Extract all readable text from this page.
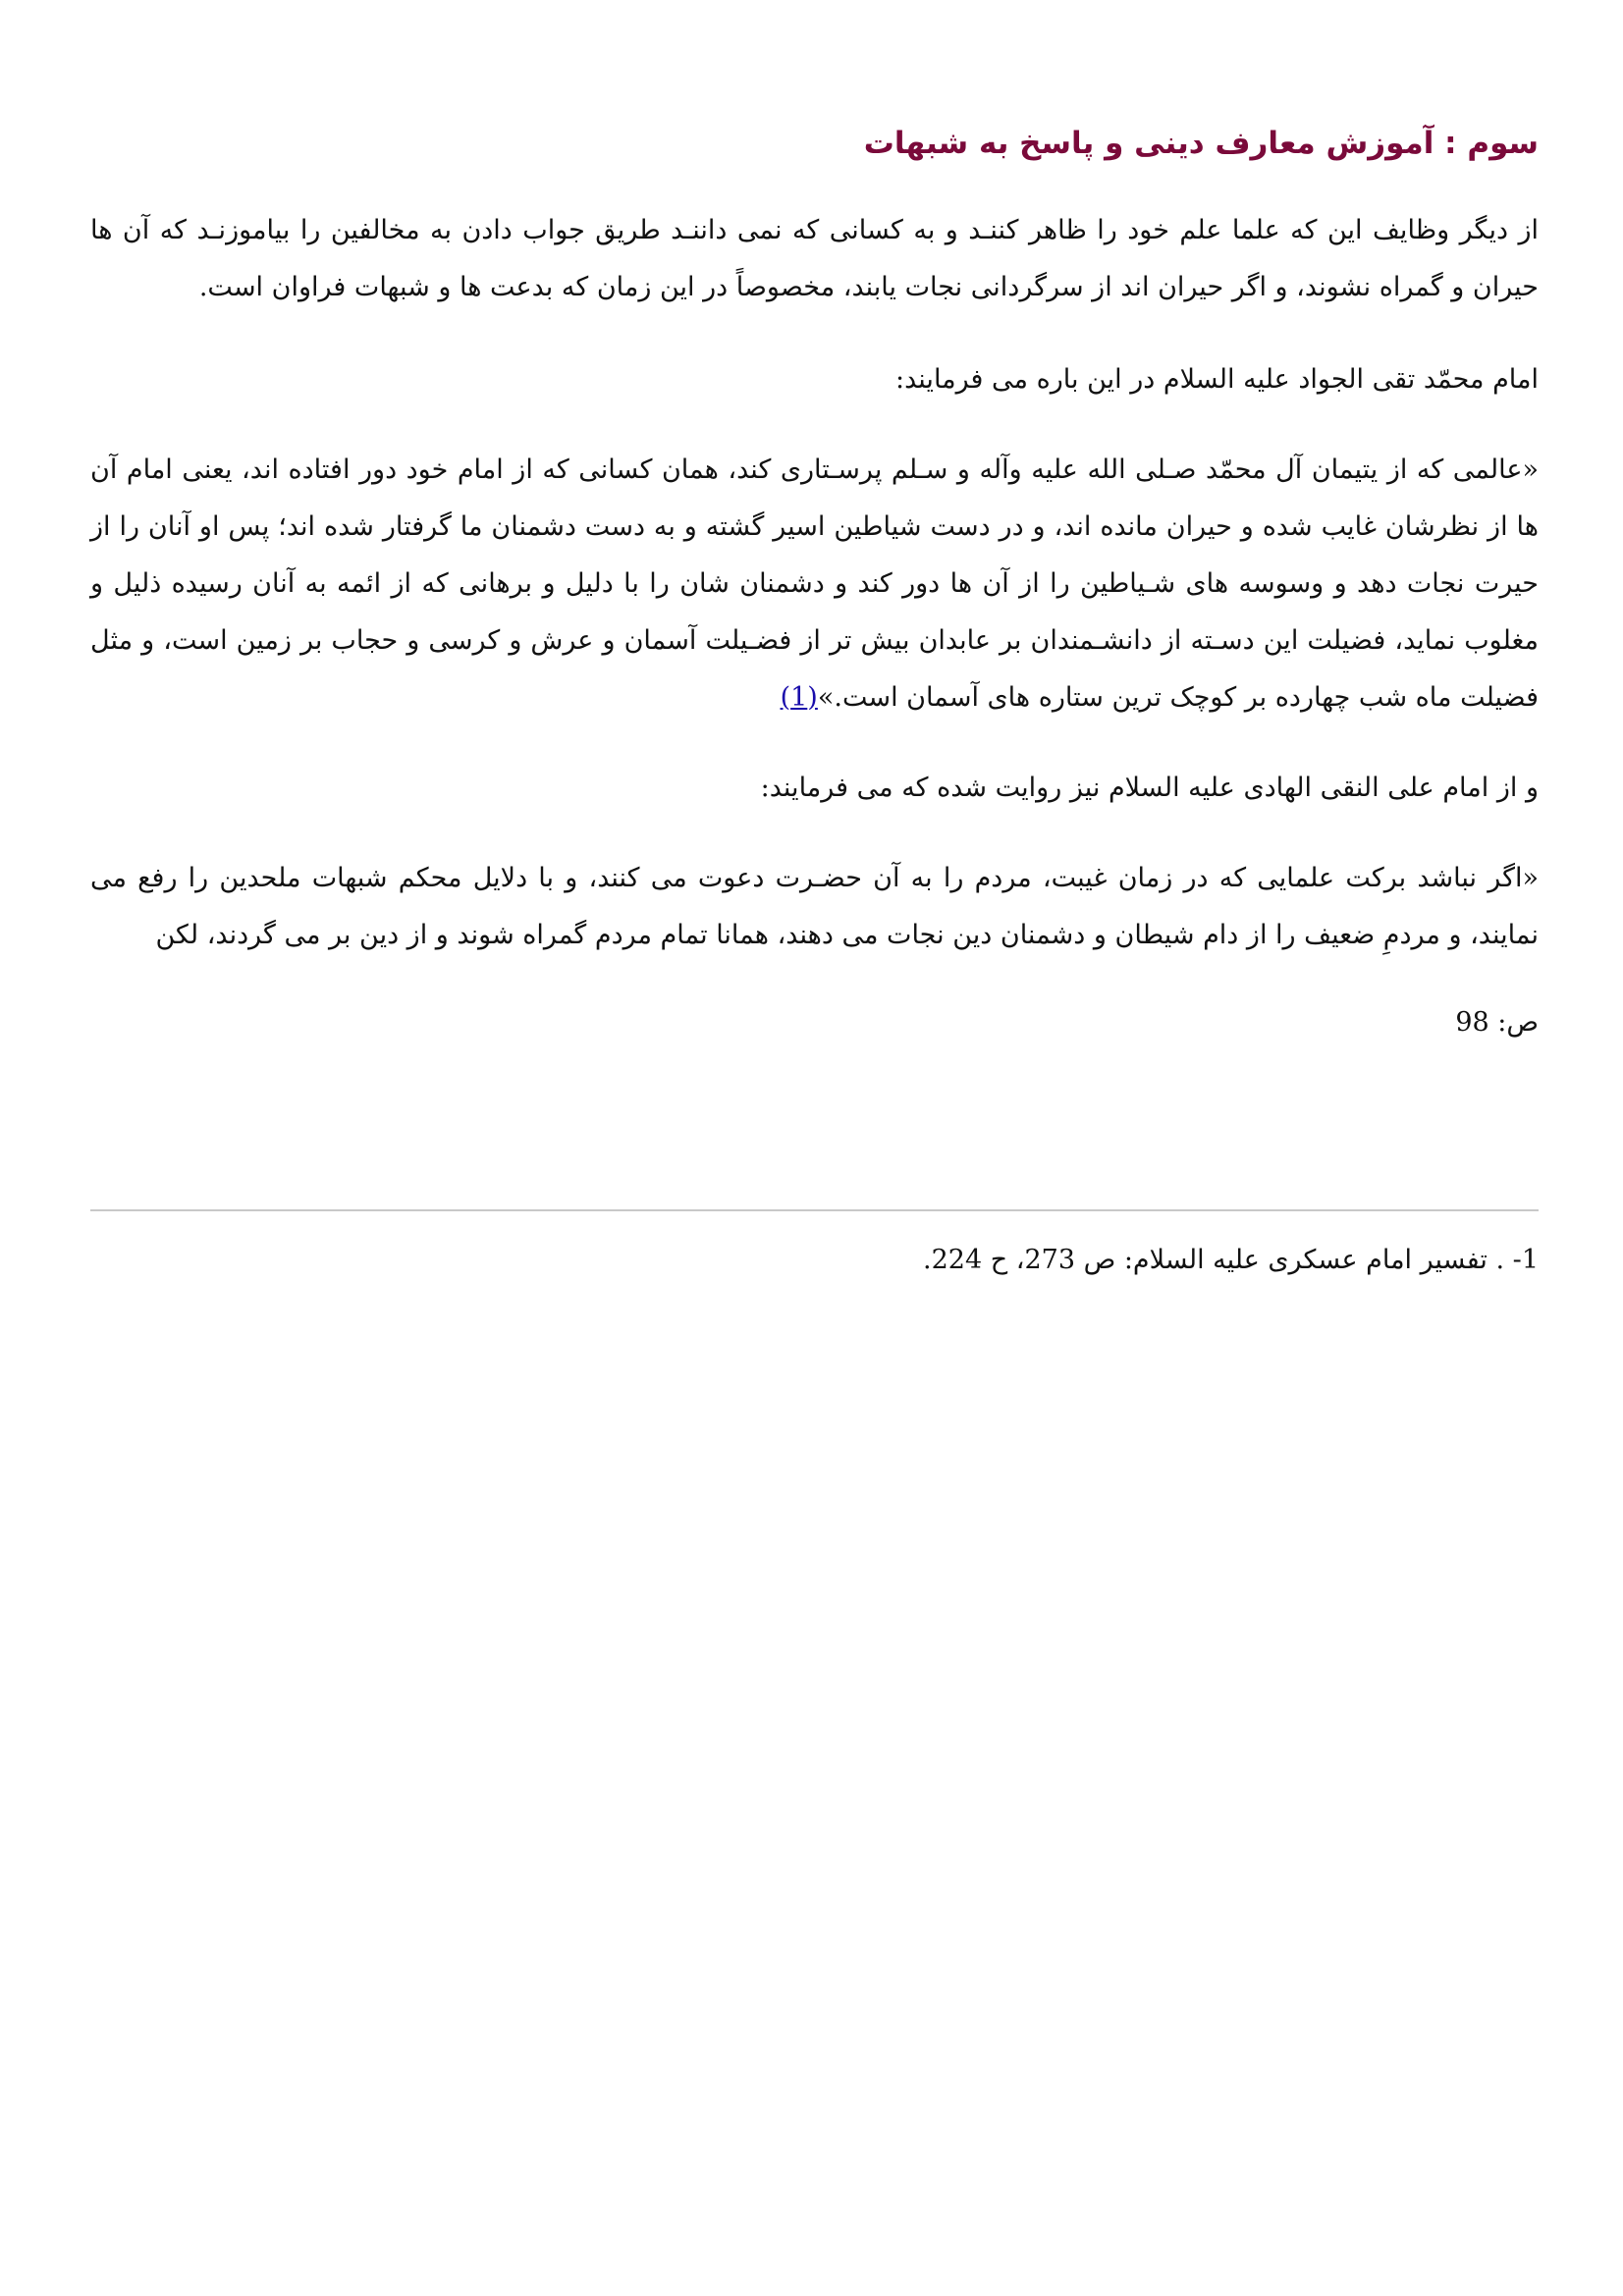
سوم : آموزش معارف دینی و پاسخ به شبهات

از دیگر وظایف این که علما علم خود را ظاهر کننـد و به کسانی که نمی داننـد طریق جواب دادن به مخالفین را بیاموزنـد که آن ها حیران و گمراه نشوند، و اگر حیران اند از سرگردانی نجات یابند، مخصوصاً در این زمان که بدعت ها و شبهات فراوان است.

امام محمّد تقی الجواد علیه السلام در این باره می فرمایند:

«عالمی که از یتیمان آل محمّد صـلی الله علیه وآله و سـلم پرسـتاری کند، همان کسانی که از امام خود دور افتاده اند، یعنی امام آن ها از نظرشان غایب شده و حیران مانده اند، و در دست شیاطین اسیر گشته و به دست دشمنان ما گرفتار شده اند؛ پس او آنان را از حیرت نجات دهد و وسوسه های شـیاطین را از آن ها دور کند و دشمنان شان را با دلیل و برهانی که از ائمه به آنان رسیده ذلیل و مغلوب نماید، فضیلت این دسـته از دانشـمندان بر عابدان بیش تر از فضـیلت آسمان و عرش و کرسی و حجاب بر زمین است، و مثل فضیلت ماه شب چهارده بر کوچک ترین ستاره های آسمان است.»(1)

و از امام علی النقی الهادی علیه السلام نیز روایت شده که می فرمایند:

«اگر نباشد برکت علمایی که در زمان غیبت، مردم را به آن حضـرت دعوت می کنند، و با دلایل محکم شبهات ملحدین را رفع می نمایند، و مردمِ ضعیف را از دام شیطان و دشمنان دین نجات می دهند، همانا تمام مردم گمراه شوند و از دین بر می گردند، لکن

ص: 98
1- . تفسیر امام عسکری علیه السلام: ص 273، ح 224.
